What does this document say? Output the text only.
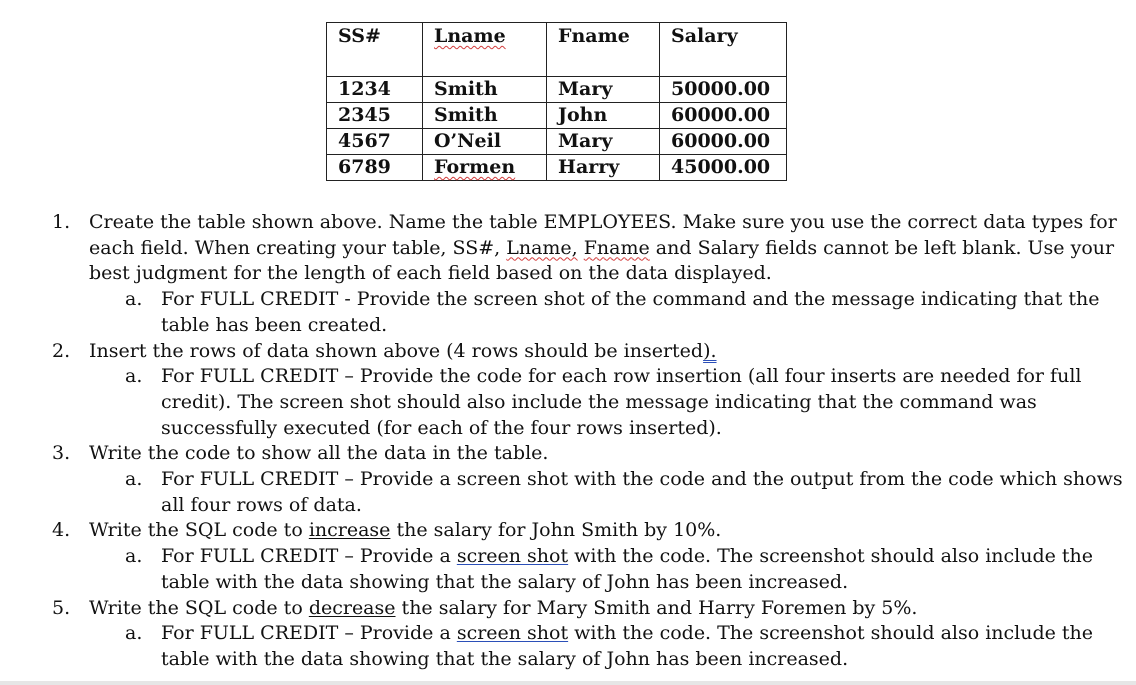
SS#	Lname	Fname	Salary
1234	Smith	Mary	50000.00
2345	Smith	John	60000.00
4567	O’Neil	Mary	60000.00
6789	Formen	Harry	45000.00
1. Create the table shown above. Name the table EMPLOYEES. Make sure you use the correct data types for each field. When creating your table, SS#, Lname, Fname and Salary fields cannot be left blank. Use your best judgment for the length of each field based on the data displayed.
a. For FULL CREDIT - Provide the screen shot of the command and the message indicating that the table has been created.
2. Insert the rows of data shown above (4 rows should be inserted).
a. For FULL CREDIT – Provide the code for each row insertion (all four inserts are needed for full credit). The screen shot should also include the message indicating that the command was successfully executed (for each of the four rows inserted).
3. Write the code to show all the data in the table.
a. For FULL CREDIT – Provide a screen shot with the code and the output from the code which shows all four rows of data.
4. Write the SQL code to increase the salary for John Smith by 10%.
a. For FULL CREDIT – Provide a screen shot with the code. The screenshot should also include the table with the data showing that the salary of John has been increased.
5. Write the SQL code to decrease the salary for Mary Smith and Harry Foremen by 5%.
a. For FULL CREDIT – Provide a screen shot with the code. The screenshot should also include the table with the data showing that the salary of John has been increased.
